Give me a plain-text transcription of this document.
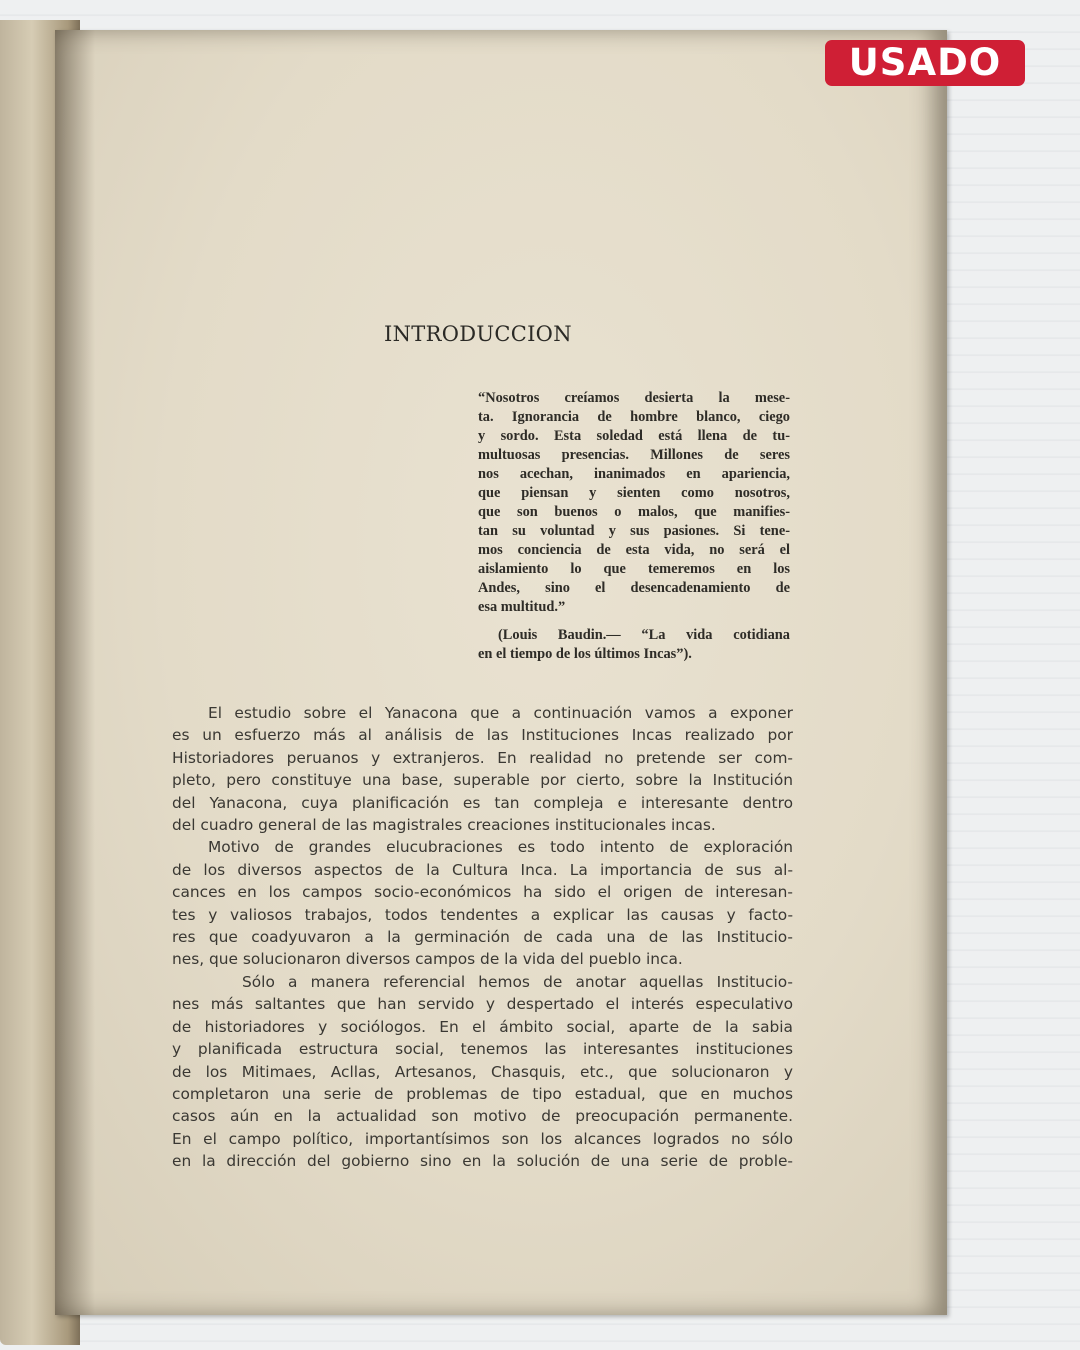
USADO
INTRODUCCION
“Nosotros creíamos desierta la mese-
ta. Ignorancia de hombre blanco, ciego
y sordo. Esta soledad está llena de tu-
multuosas presencias. Millones de seres
nos acechan, inanimados en apariencia,
que piensan y sienten como nosotros,
que son buenos o malos, que manifies-
tan su voluntad y sus pasiones. Si tene-
mos conciencia de esta vida, no será el
aislamiento lo que temeremos en los
Andes, sino el desencadenamiento de
esa multitud.”
(Louis Baudin.— “La vida cotidiana
en el tiempo de los últimos Incas”).
El estudio sobre el Yanacona que a continuación vamos a exponer
es un esfuerzo más al análisis de las Instituciones Incas realizado por
Historiadores peruanos y extranjeros. En realidad no pretende ser com-
pleto, pero constituye una base, superable por cierto, sobre la Institución
del Yanacona, cuya planificación es tan compleja e interesante dentro
del cuadro general de las magistrales creaciones institucionales incas.
Motivo de grandes elucubraciones es todo intento de exploración
de los diversos aspectos de la Cultura Inca. La importancia de sus al-
cances en los campos socio-económicos ha sido el origen de interesan-
tes y valiosos trabajos, todos tendentes a explicar las causas y facto-
res que coadyuvaron a la germinación de cada una de las Institucio-
nes, que solucionaron diversos campos de la vida del pueblo inca.
Sólo a manera referencial hemos de anotar aquellas Institucio-
nes más saltantes que han servido y despertado el interés especulativo
de historiadores y sociólogos. En el ámbito social, aparte de la sabia
y planificada estructura social, tenemos las interesantes instituciones
de los Mitimaes, Acllas, Artesanos, Chasquis, etc., que solucionaron y
completaron una serie de problemas de tipo estadual, que en muchos
casos aún en la actualidad son motivo de preocupación permanente.
En el campo político, importantísimos son los alcances logrados no sólo
en la dirección del gobierno sino en la solución de una serie de proble-
